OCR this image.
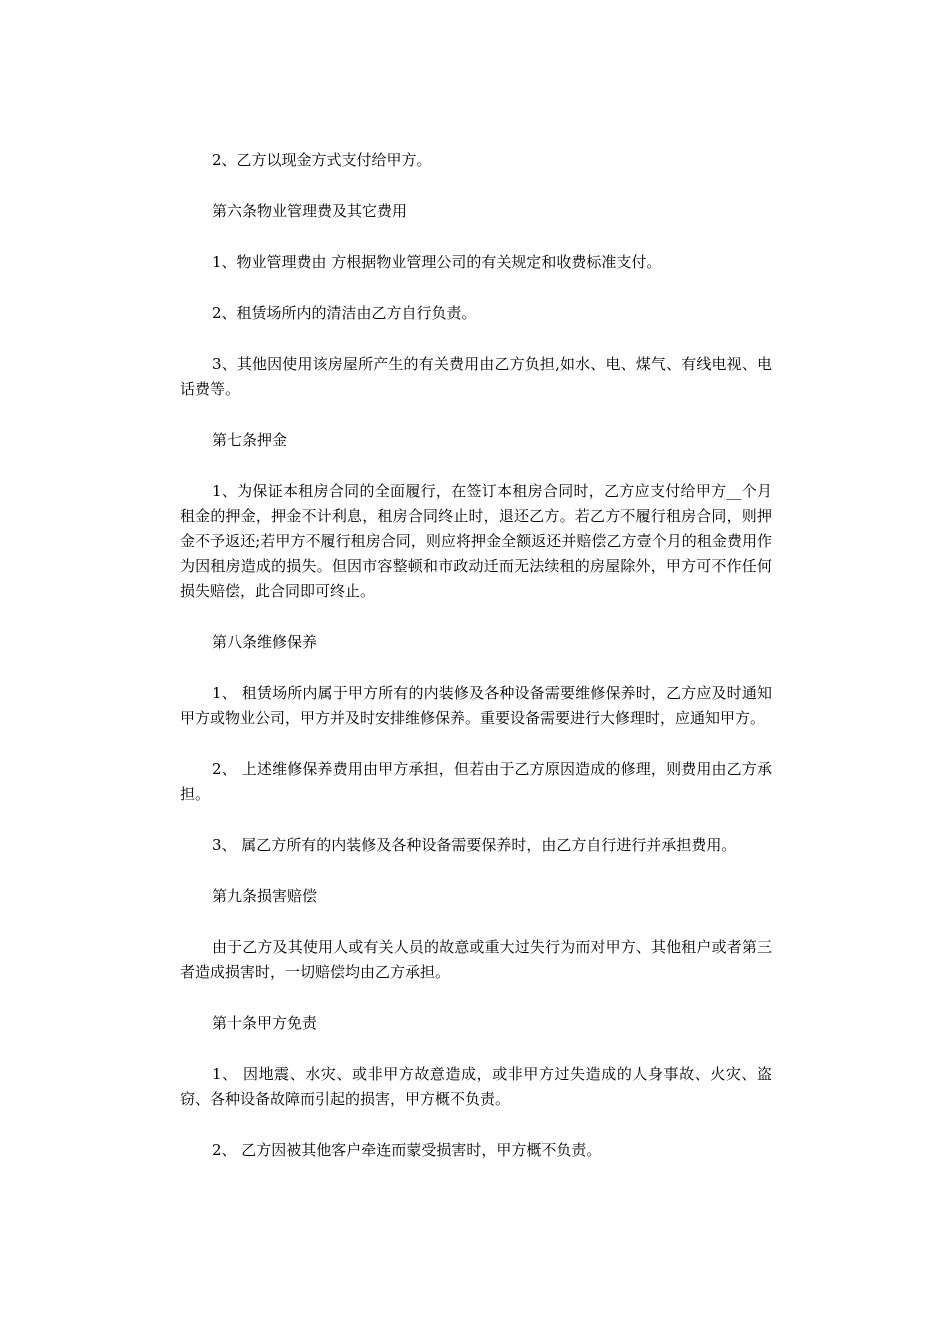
2、乙方以现金方式支付给甲方。

第六条物业管理费及其它费用

1、物业管理费由 方根据物业管理公司的有关规定和收费标准支付。

2、租赁场所内的清洁由乙方自行负责。

3、其他因使用该房屋所产生的有关费用由乙方负担,如水、电、煤气、有线电视、电话费等。

第七条押金

1、为保证本租房合同的全面履行，在签订本租房合同时，乙方应支付给甲方__个月租金的押金，押金不计利息，租房合同终止时，退还乙方。若乙方不履行租房合同，则押金不予返还;若甲方不履行租房合同，则应将押金全额返还并赔偿乙方壹个月的租金费用作为因租房造成的损失。但因市容整顿和市政动迁而无法续租的房屋除外，甲方可不作任何损失赔偿，此合同即可终止。

第八条维修保养

1、 租赁场所内属于甲方所有的内装修及各种设备需要维修保养时，乙方应及时通知甲方或物业公司，甲方并及时安排维修保养。重要设备需要进行大修理时，应通知甲方。

2、 上述维修保养费用由甲方承担，但若由于乙方原因造成的修理，则费用由乙方承担。

3、 属乙方所有的内装修及各种设备需要保养时，由乙方自行进行并承担费用。

第九条损害赔偿

由于乙方及其使用人或有关人员的故意或重大过失行为而对甲方、其他租户或者第三者造成损害时，一切赔偿均由乙方承担。

第十条甲方免责

1、 因地震、水灾、或非甲方故意造成，或非甲方过失造成的人身事故、火灾、盗窃、各种设备故障而引起的损害，甲方概不负责。

2、 乙方因被其他客户牵连而蒙受损害时，甲方概不负责。
